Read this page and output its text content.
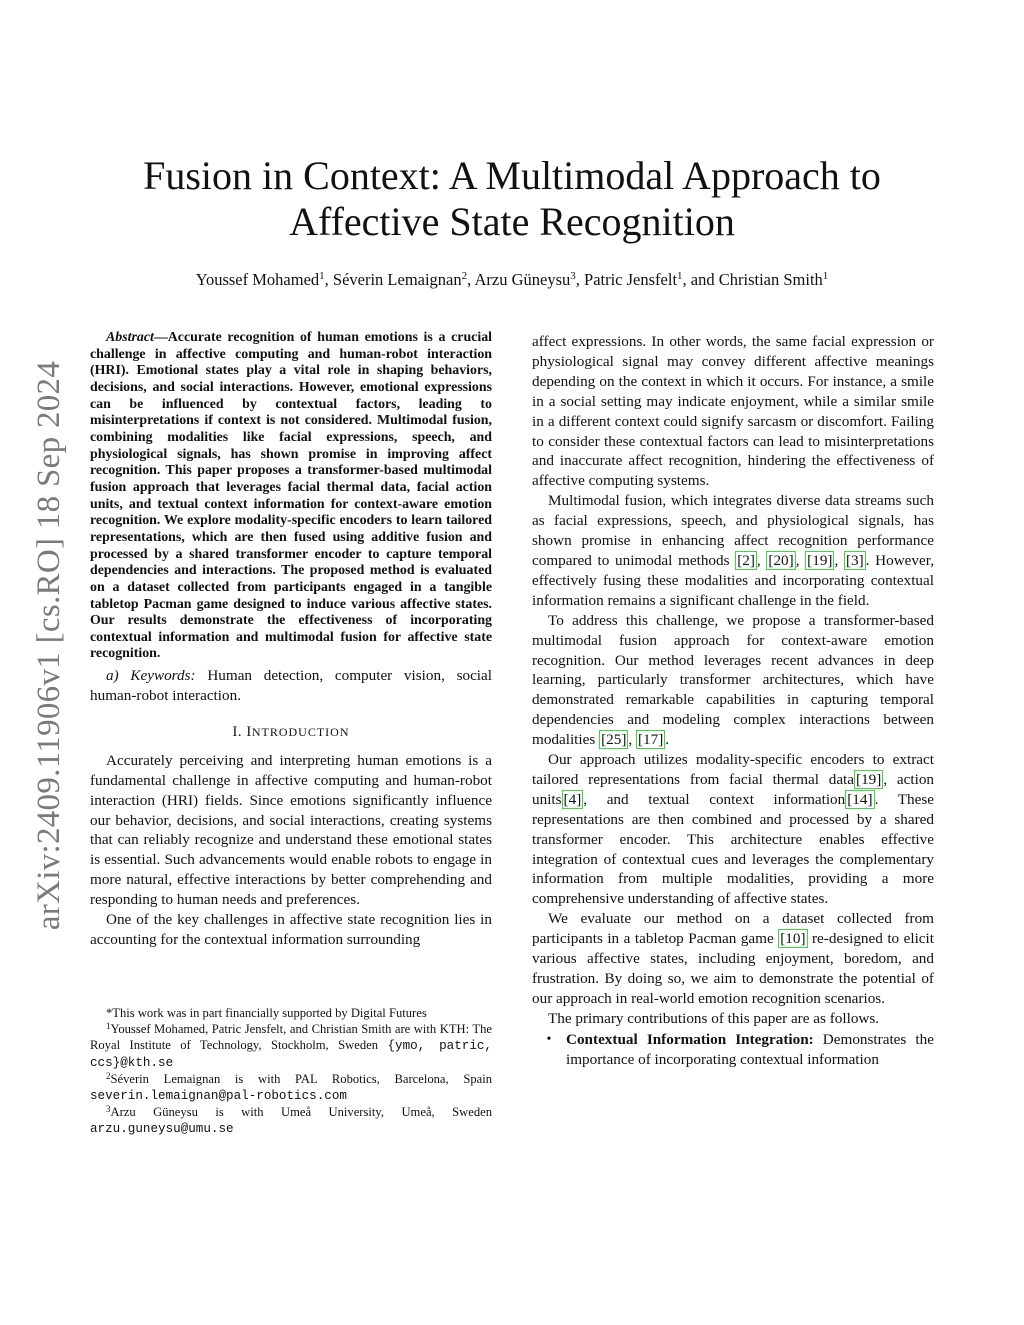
arXiv:2409.11906v1 [cs.RO] 18 Sep 2024
Fusion in Context: A Multimodal Approach to
Affective State Recognition
Youssef Mohamed$^1$, Séverin Lemaignan$^2$, Arzu Güneysu$^3$, Patric Jensfelt$^1$, and Christian Smith$^1$

Abstract—Accurate recognition of human emotions is a crucial challenge in affective computing and human-robot interaction (HRI). Emotional states play a vital role in shaping behaviors, decisions, and social interactions. However, emotional expressions can be influenced by contextual factors, leading to misinterpretations if context is not considered. Multimodal fusion, combining modalities like facial expressions, speech, and physiological signals, has shown promise in improving affect recognition. This paper proposes a transformer-based multimodal fusion approach that leverages facial thermal data, facial action units, and textual context information for context-aware emotion recognition. We explore modality-specific encoders to learn tailored representations, which are then fused using additive fusion and processed by a shared transformer encoder to capture temporal dependencies and interactions. The proposed method is evaluated on a dataset collected from participants engaged in a tangible tabletop Pacman game designed to induce various affective states. Our results demonstrate the effectiveness of incorporating contextual information and multimodal fusion for affective state recognition.

a) Keywords: Human detection, computer vision, social human-robot interaction.

I. INTRODUCTION

Accurately perceiving and interpreting human emotions is a fundamental challenge in affective computing and human-robot interaction (HRI) fields. Since emotions significantly influence our behavior, decisions, and social interactions, creating systems that can reliably recognize and understand these emotional states is essential. Such advancements would enable robots to engage in more natural, effective interactions by better comprehending and responding to human needs and preferences.

One of the key challenges in affective state recognition lies in accounting for the contextual information surrounding

*This work was in part financially supported by Digital Futures

$^1$Youssef Mohamed, Patric Jensfelt, and Christian Smith are with KTH: The Royal Institute of Technology, Stockholm, Sweden {ymo, patric, ccs}@kth.se

$^2$Séverin Lemaignan is with PAL Robotics, Barcelona, Spain severin.lemaignan@pal-robotics.com

$^3$Arzu Güneysu is with Umeå University, Umeå, Sweden arzu.guneysu@umu.se

affect expressions. In other words, the same facial expression or physiological signal may convey different affective meanings depending on the context in which it occurs. For instance, a smile in a social setting may indicate enjoyment, while a similar smile in a different context could signify sarcasm or discomfort. Failing to consider these contextual factors can lead to misinterpretations and inaccurate affect recognition, hindering the effectiveness of affective computing systems.

Multimodal fusion, which integrates diverse data streams such as facial expressions, speech, and physiological signals, has shown promise in enhancing affect recognition performance compared to unimodal methods [2] , [20] , [19] , [3] . However, effectively fusing these modalities and incorporating contextual information remains a significant challenge in the field.

To address this challenge, we propose a transformer-based multimodal fusion approach for context-aware emotion recognition. Our method leverages recent advances in deep learning, particularly transformer architectures, which have demonstrated remarkable capabilities in capturing temporal dependencies and modeling complex interactions between modalities [25] , [17] .

Our approach utilizes modality-specific encoders to extract tailored representations from facial thermal data [19] , action units [4] , and textual context information [14] . These representations are then combined and processed by a shared transformer encoder. This architecture enables effective integration of contextual cues and leverages the complementary information from multiple modalities, providing a more comprehensive understanding of affective states.

We evaluate our method on a dataset collected from participants in a tabletop Pacman game [10] re-designed to elicit various affective states, including enjoyment, boredom, and frustration. By doing so, we aim to demonstrate the potential of our approach in real-world emotion recognition scenarios.

The primary contributions of this paper are as follows.

• Contextual Information Integration: Demonstrates the importance of incorporating contextual information
